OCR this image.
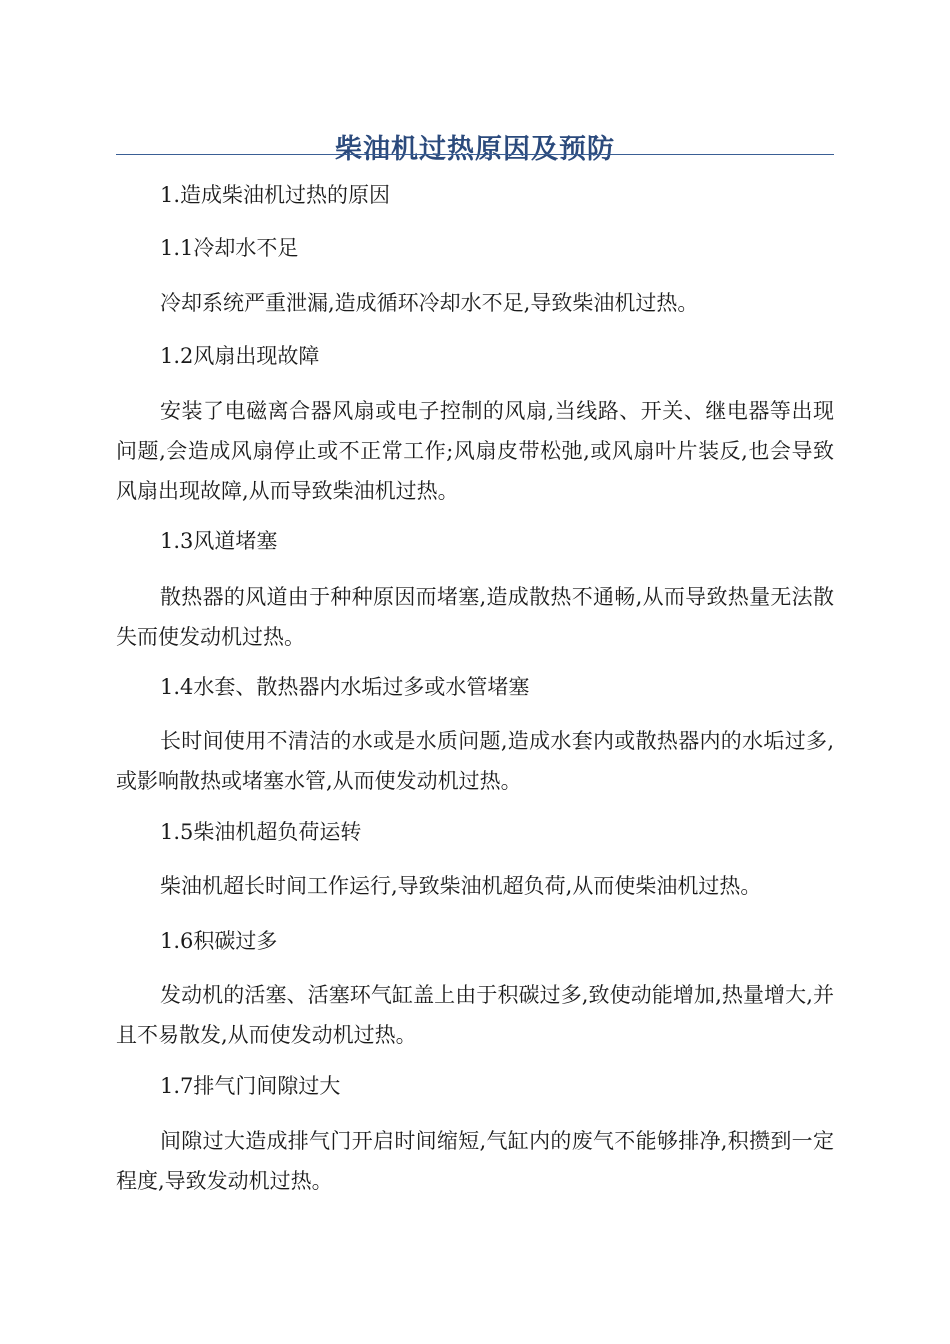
柴油机过热原因及预防

1.造成柴油机过热的原因

1.1冷却水不足

冷却系统严重泄漏,造成循环冷却水不足,导致柴油机过热。

1.2风扇出现故障

安装了电磁离合器风扇或电子控制的风扇,当线路、开关、继电器等出现问题,会造成风扇停止或不正常工作;风扇皮带松弛,或风扇叶片装反,也会导致风扇出现故障,从而导致柴油机过热。

1.3风道堵塞

散热器的风道由于种种原因而堵塞,造成散热不通畅,从而导致热量无法散失而使发动机过热。

1.4水套、散热器内水垢过多或水管堵塞

长时间使用不清洁的水或是水质问题,造成水套内或散热器内的水垢过多,或影响散热或堵塞水管,从而使发动机过热。

1.5柴油机超负荷运转

柴油机超长时间工作运行,导致柴油机超负荷,从而使柴油机过热。

1.6积碳过多

发动机的活塞、活塞环气缸盖上由于积碳过多,致使动能增加,热量增大,并且不易散发,从而使发动机过热。

1.7排气门间隙过大

间隙过大造成排气门开启时间缩短,气缸内的废气不能够排净,积攒到一定程度,导致发动机过热。
